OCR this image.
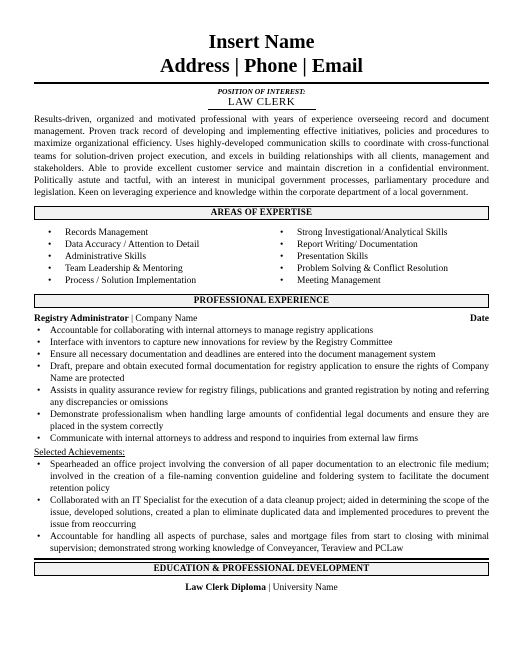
Insert Name
Address | Phone | Email
POSITION OF INTEREST:
LAW CLERK
Results-driven, organized and motivated professional with years of experience overseeing record and document management. Proven track record of developing and implementing effective initiatives, policies and procedures to maximize organizational efficiency. Uses highly-developed communication skills to coordinate with cross-functional teams for solution-driven project execution, and excels in building relationships with all clients, management and stakeholders. Able to provide excellent customer service and maintain discretion in a confidential environment. Politically astute and tactful, with an interest in municipal government processes, parliamentary procedure and legislation. Keen on leveraging experience and knowledge within the corporate department of a local government.
AREAS OF EXPERTISE
• Records Management
• Data Accuracy / Attention to Detail
• Administrative Skills
• Team Leadership & Mentoring
• Process / Solution Implementation
• Strong Investigational/Analytical Skills
• Report Writing/ Documentation
• Presentation Skills
• Problem Solving & Conflict Resolution
• Meeting Management
PROFESSIONAL EXPERIENCE
Registry Administrator | Company Name	Date
• Accountable for collaborating with internal attorneys to manage registry applications
• Interface with inventors to capture new innovations for review by the Registry Committee
• Ensure all necessary documentation and deadlines are entered into the document management system
• Draft, prepare and obtain executed formal documentation for registry application to ensure the rights of Company Name are protected
• Assists in quality assurance review for registry filings, publications and granted registration by noting and referring any discrepancies or omissions
• Demonstrate professionalism when handling large amounts of confidential legal documents and ensure they are placed in the system correctly
• Communicate with internal attorneys to address and respond to inquiries from external law firms
Selected Achievements:
• Spearheaded an office project involving the conversion of all paper documentation to an electronic file medium; involved in the creation of a file-naming convention guideline and foldering system to facilitate the document retention policy
• Collaborated with an IT Specialist for the execution of a data cleanup project; aided in determining the scope of the issue, developed solutions, created a plan to eliminate duplicated data and implemented procedures to prevent the issue from reoccurring
• Accountable for handling all aspects of purchase, sales and mortgage files from start to closing with minimal supervision; demonstrated strong working knowledge of Conveyancer, Teraview and PCLaw
EDUCATION & PROFESSIONAL DEVELOPMENT
Law Clerk Diploma | University Name
